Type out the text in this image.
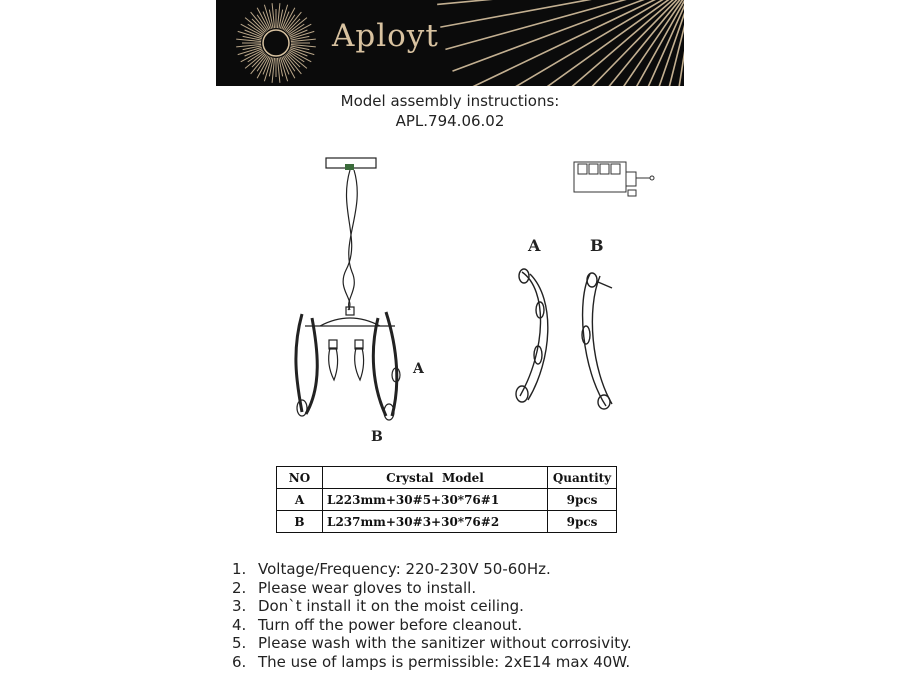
Aployt
Model assembly instructions:
APL.794.06.02
A
B
A	B
NO	Crystal  Model	Quantity
A	L223mm+30#5+30*76#1	9pcs
B	L237mm+30#3+30*76#2	9pcs
1. Voltage/Frequency: 220-230V 50-60Hz.
2. Please wear gloves to install.
3. Don`t install it on the moist ceiling.
4. Turn off the power before cleanout.
5. Please wash with the sanitizer without corrosivity.
6. The use of lamps is permissible: 2xE14 max 40W.
